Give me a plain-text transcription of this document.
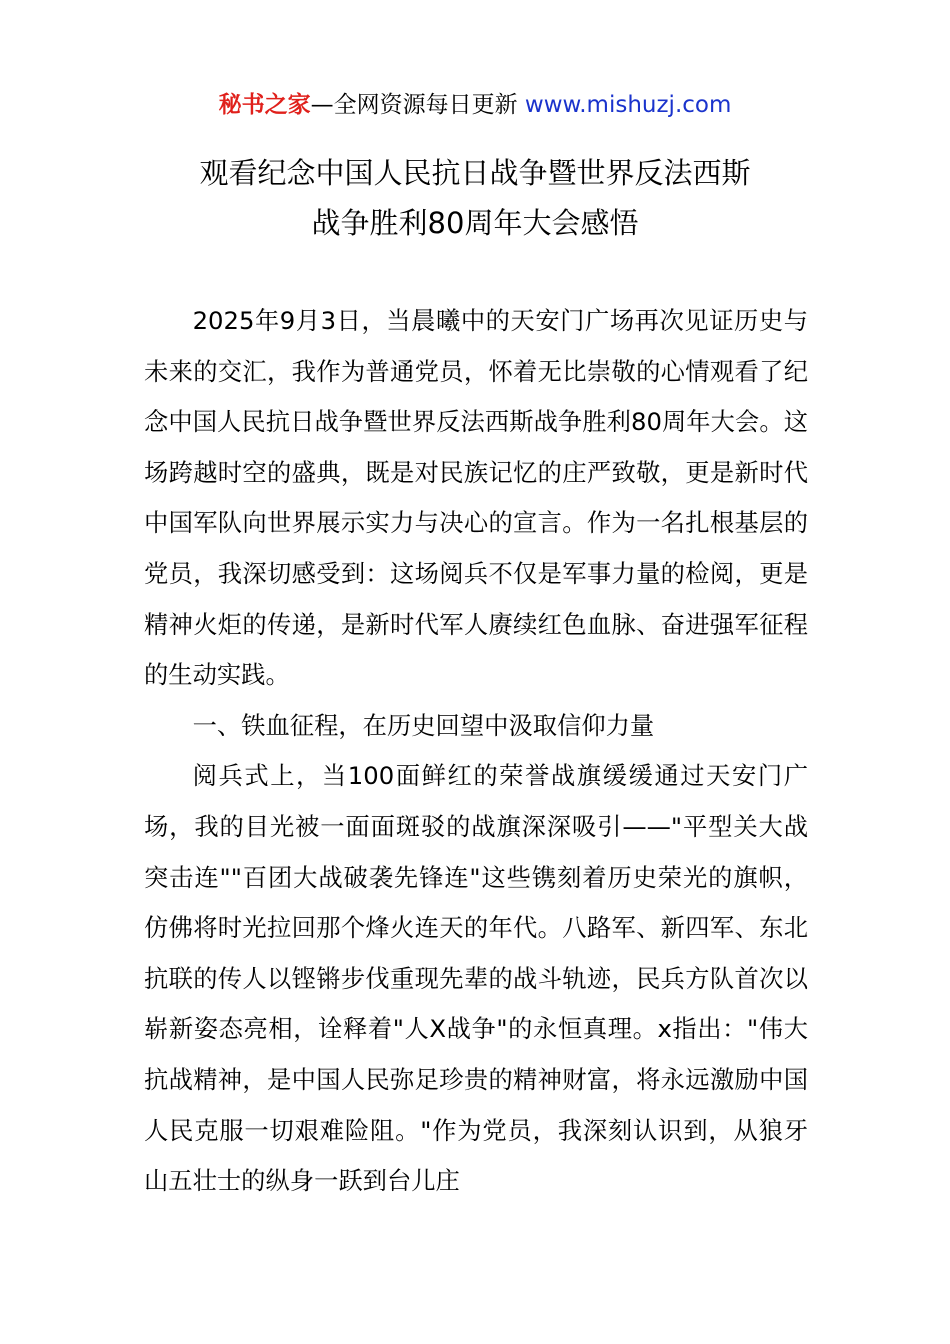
秘书之家—全网资源每日更新 www.mishuzj.com
观看纪念中国人民抗日战争暨世界反法西斯
战争胜利80周年大会感悟

2025年9月3日，当晨曦中的天安门广场再次见证历史与未来的交汇，我作为普通党员，怀着无比崇敬的心情观看了纪念中国人民抗日战争暨世界反法西斯战争胜利80周年大会。这场跨越时空的盛典，既是对民族记忆的庄严致敬，更是新时代中国军队向世界展示实力与决心的宣言。作为一名扎根基层的党员，我深切感受到：这场阅兵不仅是军事力量的检阅，更是精神火炬的传递，是新时代军人赓续红色血脉、奋进强军征程的生动实践。

一、铁血征程，在历史回望中汲取信仰力量

阅兵式上，当100面鲜红的荣誉战旗缓缓通过天安门广场，我的目光被一面面斑驳的战旗深深吸引——"平型关大战突击连""百团大战破袭先锋连"这些镌刻着历史荣光的旗帜，仿佛将时光拉回那个烽火连天的年代。八路军、新四军、东北抗联的传人以铿锵步伐重现先辈的战斗轨迹，民兵方队首次以崭新姿态亮相，诠释着"人X战争"的永恒真理。x指出："伟大抗战精神，是中国人民弥足珍贵的精神财富，将永远激励中国人民克服一切艰难险阻。"作为党员，我深刻认识到，从狼牙山五壮士的纵身一跃到台儿庄
